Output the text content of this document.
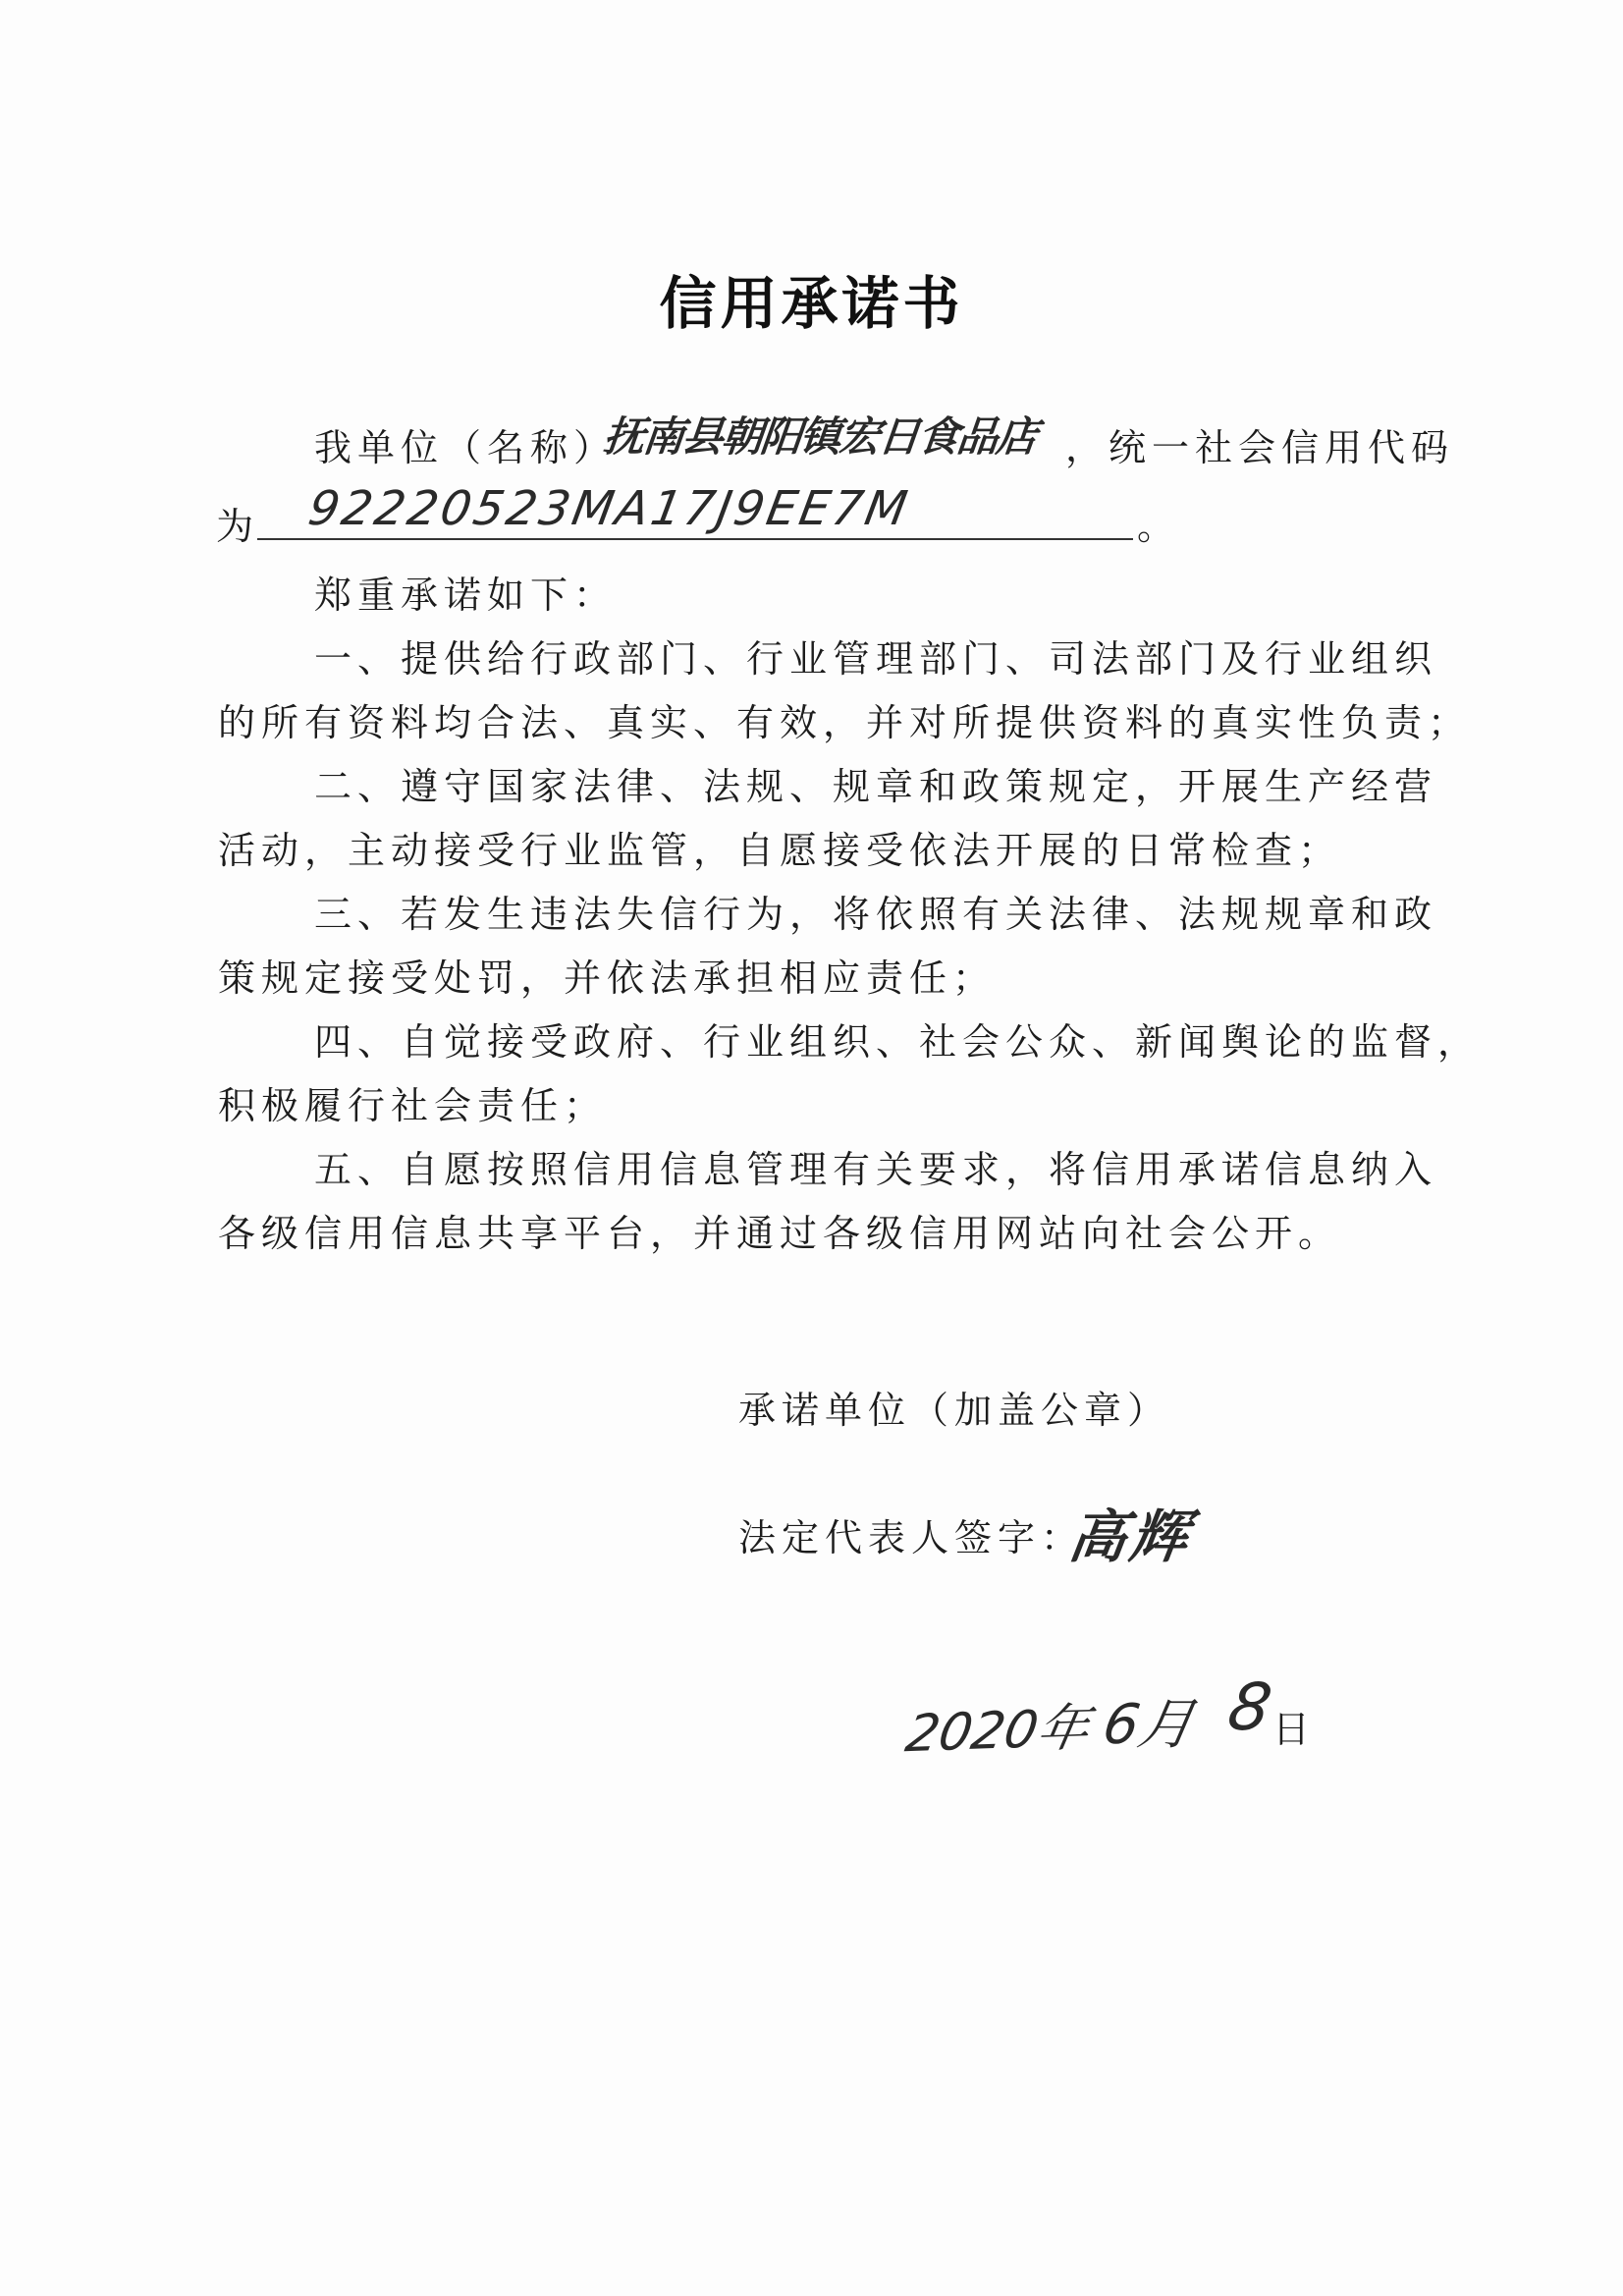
信用承诺书
我单位（名称）
抚南县朝阳镇宏日食品店 ，统一社会信用代码
为 92220523MA17J9EE7M	。
郑重承诺如下：
一、提供给行政部门、行业管理部门、司法部门及行业组织
的所有资料均合法、真实、有效，并对所提供资料的真实性负责；
二、遵守国家法律、法规、规章和政策规定，开展生产经营
活动，主动接受行业监管，自愿接受依法开展的日常检查；
三、若发生违法失信行为，将依照有关法律、法规规章和政
策规定接受处罚，并依法承担相应责任；
四、自觉接受政府、行业组织、社会公众、新闻舆论的监督，
积极履行社会责任；
五、自愿按照信用信息管理有关要求，将信用承诺信息纳入
各级信用信息共享平台，并通过各级信用网站向社会公开。
承诺单位（加盖公章）
法定代表人签字：
高辉
2020年 6月 8
日
